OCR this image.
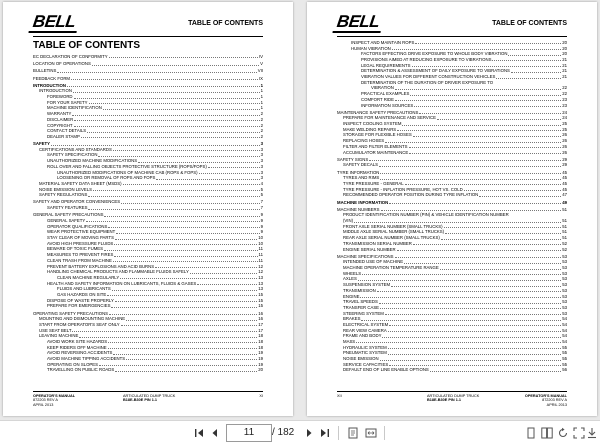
BELL	TABLE OF CONTENTS
TABLE OF CONTENTS
EC DECLARATION OF CONFORMITY	IV
LOCATION OF OPERATIONS	V
BULLETINS	VII
FEEDBACK FORM	IX
INTRODUCTION	1
INTRODUCTION	1
FOREWORD	1
FOR YOUR SAFETY	1
MACHINE IDENTIFICATION	1
WARRANTY	2
DISCLAIMER	2
COPYRIGHT	2
CONTACT DETAILS	2
DEALER STAMP	2
SAFETY	3
CERTIFICATIONS AND STANDARDS	3
SAFETY SPECIFICATION	3
UNAUTHORIZED MACHINE MODIFICATIONS	3
ROLL OVER AND FALLING OBJECTS PROTECTIVE STRUCTURE (ROPS/FOPS)	3
UNAUTHORIZED MODIFICATIONS OF MACHINE CAB (ROPS & FOPS)	3
LOOSENING OR REMOVAL OF ROPS AND FOPS	3
MATERIAL SAFETY DATA SHEET (MSDS)	4
NOISE EMISSION LEVELS	5
SAFETY REGULATIONS	5
SAFETY AND OPERATOR CONVENIENCES	7
SAFETY FEATURES	7
GENERAL SAFETY PRECAUTIONS	9
GENERAL SAFETY	9
OPERATOR QUALIFICATIONS	9
WEAR PROTECTIVE EQUIPMENT	9
STAY CLEAR OF MOVING PARTS	10
AVOID HIGH PRESSURE FLUIDS	10
BEWARE OF TOXIC FUMES	11
MEASURES TO PREVENT FIRES	11
CLEAN TRASH FROM MACHINE	11
PREVENT BATTERY EXPLOSIONS AND ACID BURNS	12
HANDLING CHEMICAL PRODUCTS AND FLAMMABLE FLUIDS SAFELY	12
CLEAN MACHINE REGULARLY	13
HEALTH AND SAFETY INFORMATION ON LUBRICANTS, FLUIDS & GASES	13
FLUIDS AND LUBRICANTS	13
GAS HAZARDS ON SITE	15
DISPOSE OF WASTE PROPERLY	15
PREPARE FOR EMERGENCIES	15
OPERATING SAFETY PRECAUTIONS	16
MOUNTING AND DISMOUNTING MACHINE	16
START FROM OPERATOR'S SEAT ONLY	17
USE SEAT BELT	17
LEAVING MACHINE	18
AVOID WORK SITE HAZARDS	18
KEEP RIDERS OFF MACHINE	18
AVOID REVERSING ACCIDENTS	19
AVOID MACHINE TIPPING ACCIDENTS	19
OPERATING ON SLOPES	19
TRAVELLING ON PUBLIC ROADS	20
OPERATOR'S MANUAL
872203 REV A
APRIL 2013
ARTICULATED DUMP TRUCK
B18E-B30E PIN 1.1
XI
BELL	TABLE OF CONTENTS
INSPECT AND MAINTAIN ROPS	20
HUMAN VIBRATION	20
FACTORS EFFECTING DRIVE EXPOSURE TO WHOLE BODY VIBRATION	20
PROVISIONS AIMED AT REDUCING EXPOSURE TO VIBRATIONS	21
LEGAL REQUIREMENTS	21
DETERMINATION & ASSESSMENT OF DAILY EXPOSURE TO VIBRATIONS	21
VIBRATION VALUES FOR DIFFERENT CONSTRUCTION VEHICLES	21
DETERMINATION OF THE DURATION OF DRIVER EXPOSURE TO
VIBRATION	22
PRACTICAL EXAMPLES	22
COMFORT RIDE	23
INFORMATION SOURCES	23
MAINTENANCE SAFETY PRECAUTIONS	24
PREPARE FOR MAINTENANCE AND SERVICE	24
INSPECT COOLING SYSTEM	25
MAKE WELDING REPAIRS	25
STORAGE FOR FLEXIBLE HOSES	26
REPLACING HOSES	26
FILTER AND FILTER ELEMENTS	26
ACCUMULATOR MAINTENANCE	26
SAFETY SIGNS	29
SAFETY DECALS	29
TYRE INFORMATION	45
TYRES AND RIMS	45
TYRE PRESSURE - GENERAL	45
TYRE PRESSURE - INFLATION PRESSURE, HOT VS. COLD	45
RECOMMENDED OPERATOR POSITION DURING TYRE INFLATION	47
MACHINE INFORMATION	49
MACHINE NUMBERS	51
PRODUCT IDENTIFICATION NUMBER (PIN) & VEHICLE IDENTIFICATION NUMBER
(VIN)	51
FRONT AXLE SERIAL NUMBER (SMALL TRUCKS)	51
MIDDLE AXLE SERIAL NUMBER (SMALL TRUCKS)	51
REAR AXLE SERIAL NUMBER (SMALL TRUCKS)	51
TRANSMISSION SERIAL NUMBER	52
ENGINE SERIAL NUMBER	52
MACHINE SPECIFICATIONS	53
INTENDED USE OF MACHINE	53
MACHINE OPERATION TEMPERATURE RANGE	53
WHEELS	53
AXLES	53
SUSPENSION SYSTEM	53
TRANSMISSION	53
ENGINE	53
TRAVEL SPEEDS	53
TRANSFER CASE	53
STEERING SYSTEM	53
BRAKES	54
ELECTRICAL SYSTEM	54
REAR VIEW CAMERA	54
FRAME AND BODY	54
MASS	54
HYDRAULIC SYSTEM	55
PNEUMATIC SYSTEM	55
NOISE EMISSION	55
SERVICE CAPACITIES	55
DEFAULT END OF LINE ENABLE OPTIONS	56
XII	ARTICULATED DUMP TRUCK
B18E-B30E PIN 1.1
OPERATOR'S MANUAL
872203 REV A
APRIL 2013
11	/ 182
